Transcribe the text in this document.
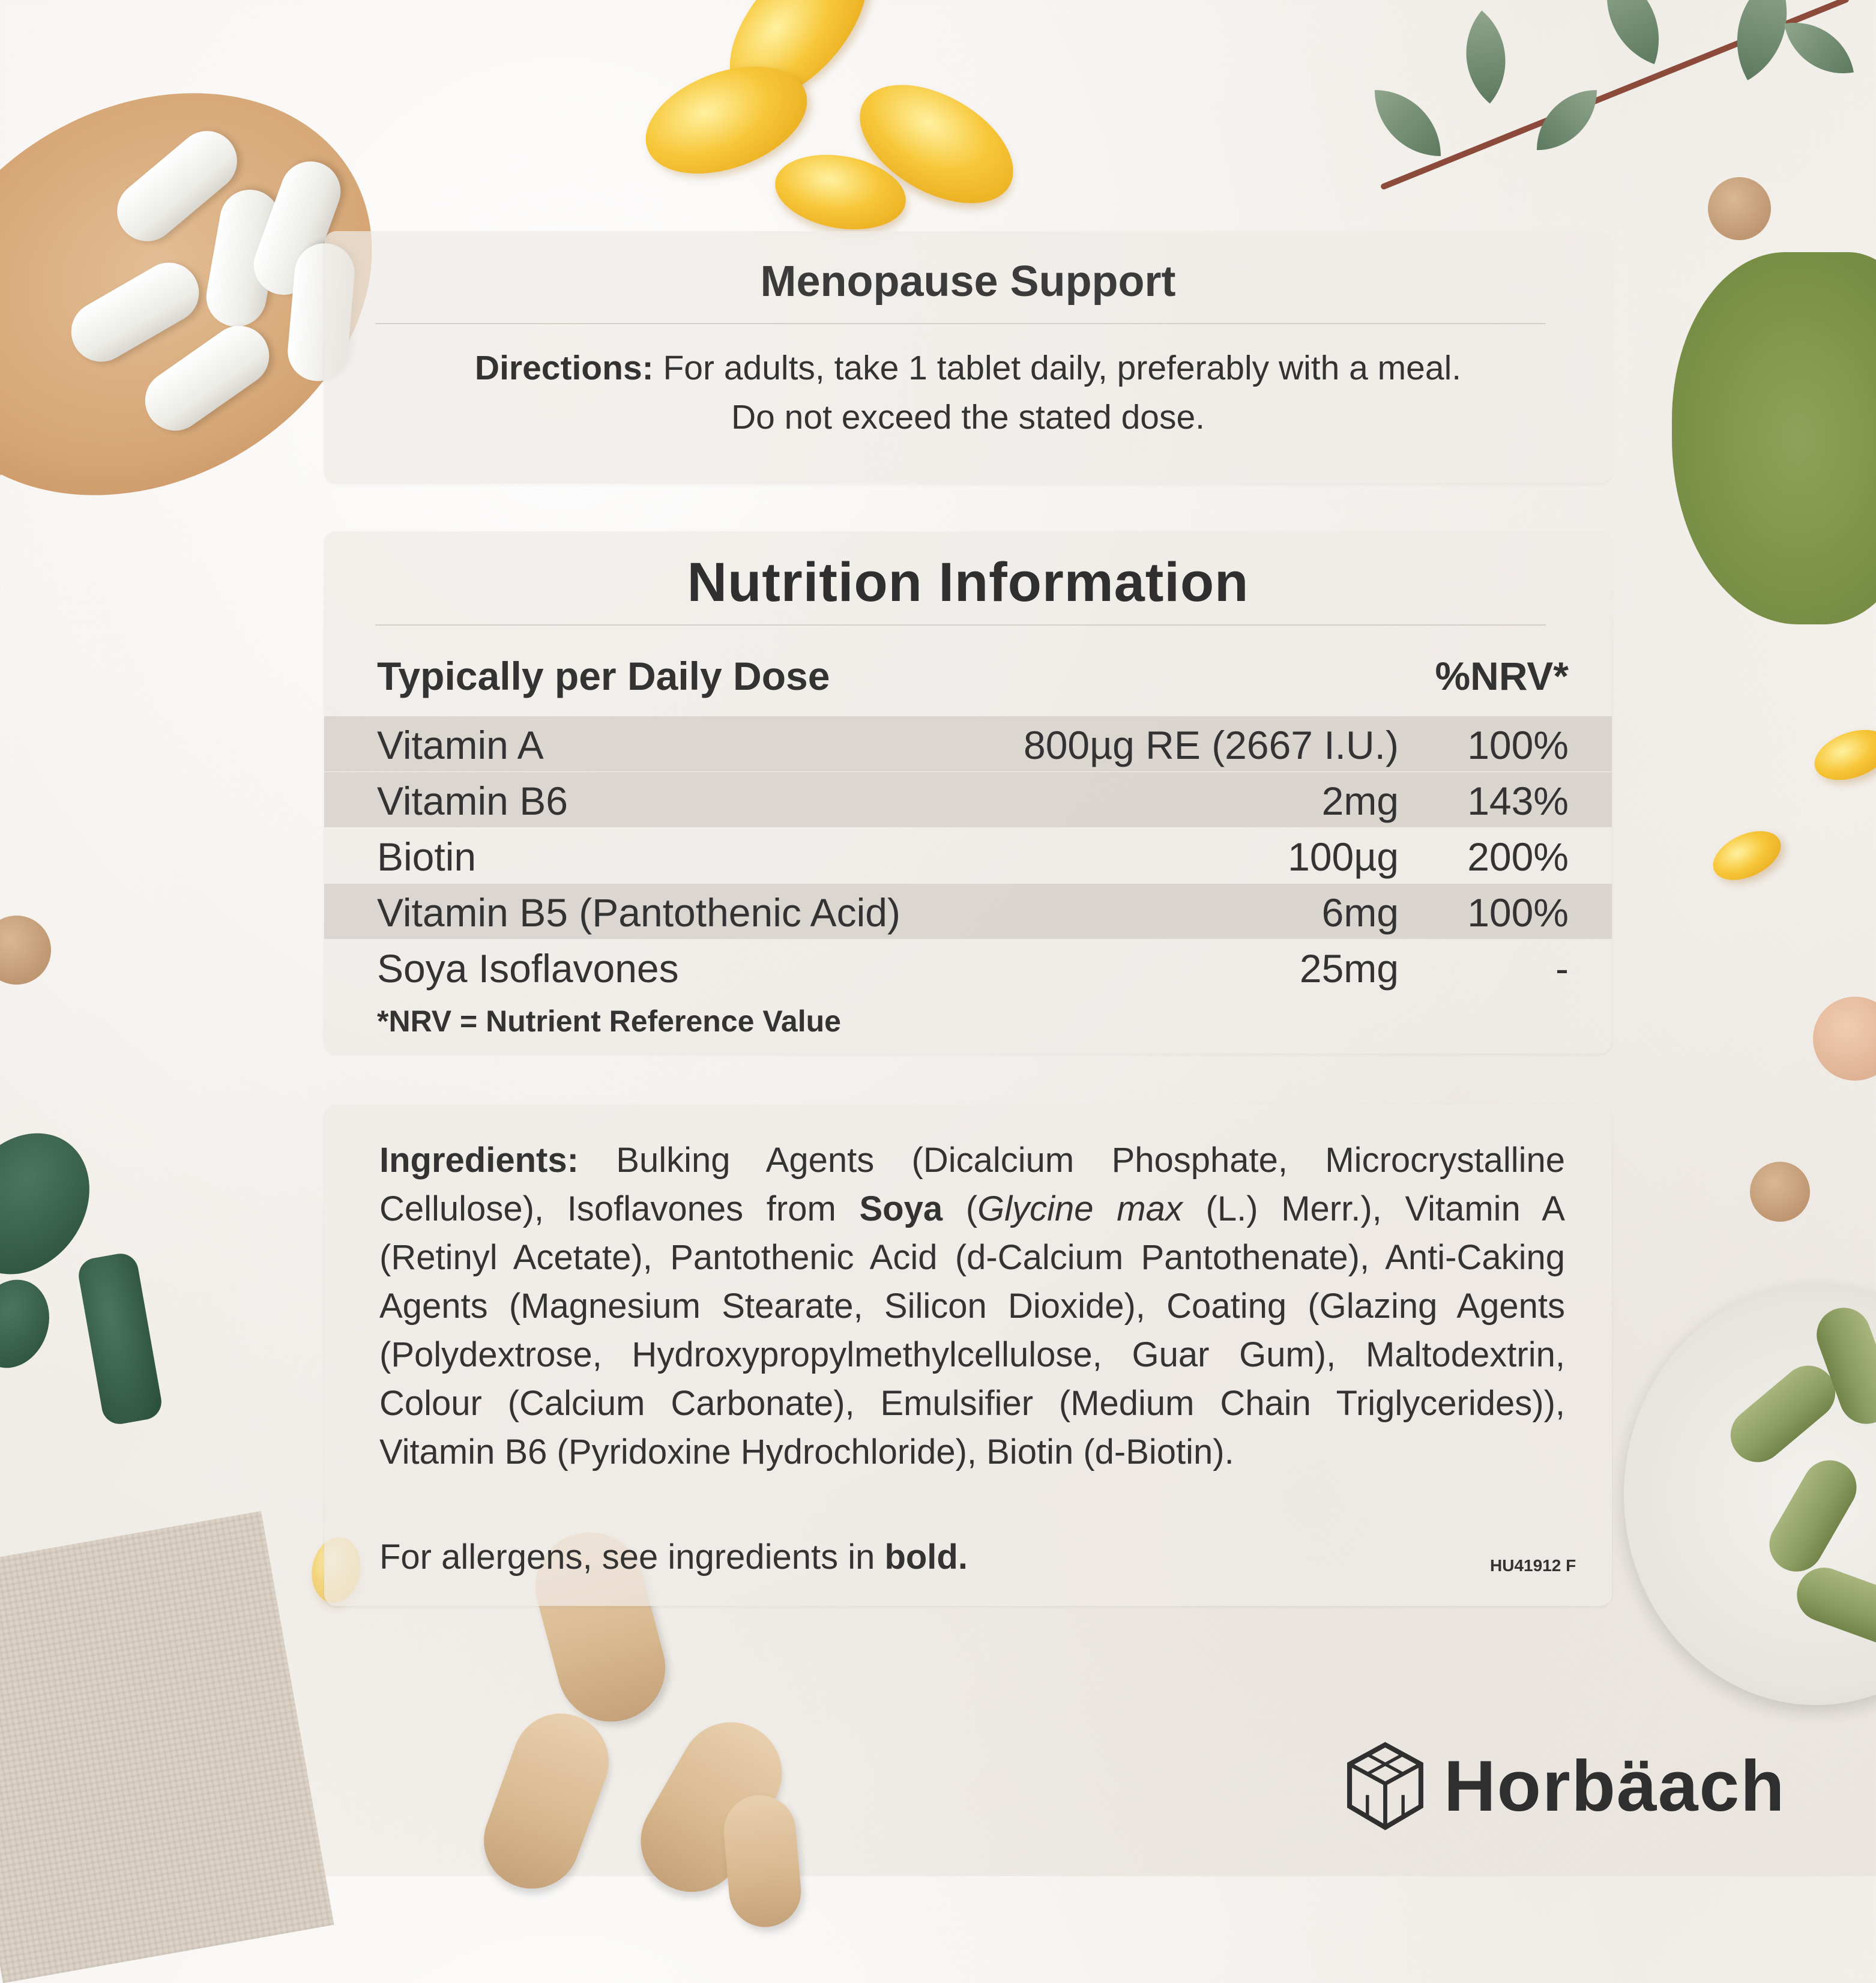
Menopause Support
Directions: For adults, take 1 tablet daily, preferably with a meal.
Do not exceed the stated dose.
Nutrition Information
Typically per Daily Dose	%NRV*
Vitamin A	800µg RE (2667 I.U.) 100%
Vitamin B6	2mg 143%
Biotin	100µg 200%
Vitamin B5 (Pantothenic Acid)	6mg 100%
Soya Isoflavones	25mg	-
*NRV = Nutrient Reference Value
Ingredients: Bulking Agents (Dicalcium Phosphate, Microcrystalline Cellulose), Isoflavones from Soya (Glycine max (L.) Merr.), Vitamin A (Retinyl Acetate), Pantothenic Acid (d-Calcium Pantothenate), Anti-Caking Agents (Magnesium Stearate, Silicon Dioxide), Coating (Glazing Agents (Polydextrose, Hydroxypropylmethylcellulose, Guar Gum), Maltodextrin, Colour (Calcium Carbonate), Emulsifier (Medium Chain Triglycerides)), Vitamin B6 (Pyridoxine Hydrochloride), Biotin (d-Biotin).
For allergens, see ingredients in bold.	HU41912 F
Horbäach
